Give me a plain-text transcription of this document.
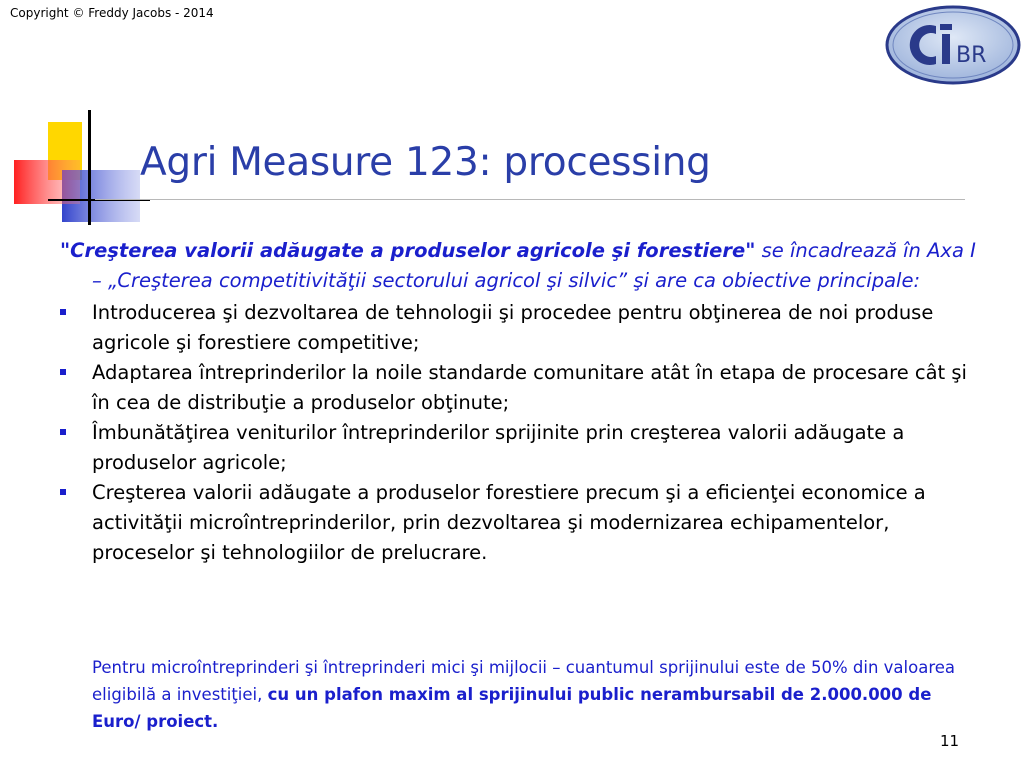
Copyright © Freddy Jacobs - 2014
BR
Agri Measure 123: processing
"Creşterea valorii adăugate a produselor agricole şi forestiere" se încadrează în Axa I – „Creşterea competitivităţii sectorului agricol şi silvic” şi are ca obiective principale:
Introducerea şi dezvoltarea de tehnologii şi procedee pentru obţinerea de noi produse agricole şi forestiere competitive;
Adaptarea întreprinderilor la noile standarde comunitare atât în etapa de procesare cât şi în cea de distribuţie a produselor obţinute;
Îmbunătăţirea veniturilor întreprinderilor sprijinite prin creşterea valorii adăugate a produselor agricole;
Creşterea valorii adăugate a produselor forestiere precum şi a eficienţei economice a activităţii microîntreprinderilor, prin dezvoltarea şi modernizarea echipamentelor, proceselor şi tehnologiilor de prelucrare.
Pentru microîntreprinderi şi întreprinderi mici şi mijlocii – cuantumul sprijinului este de 50% din valoarea eligibilă a investiţiei, cu un plafon maxim al sprijinului public nerambursabil de 2.000.000 de Euro/ proiect.
11
